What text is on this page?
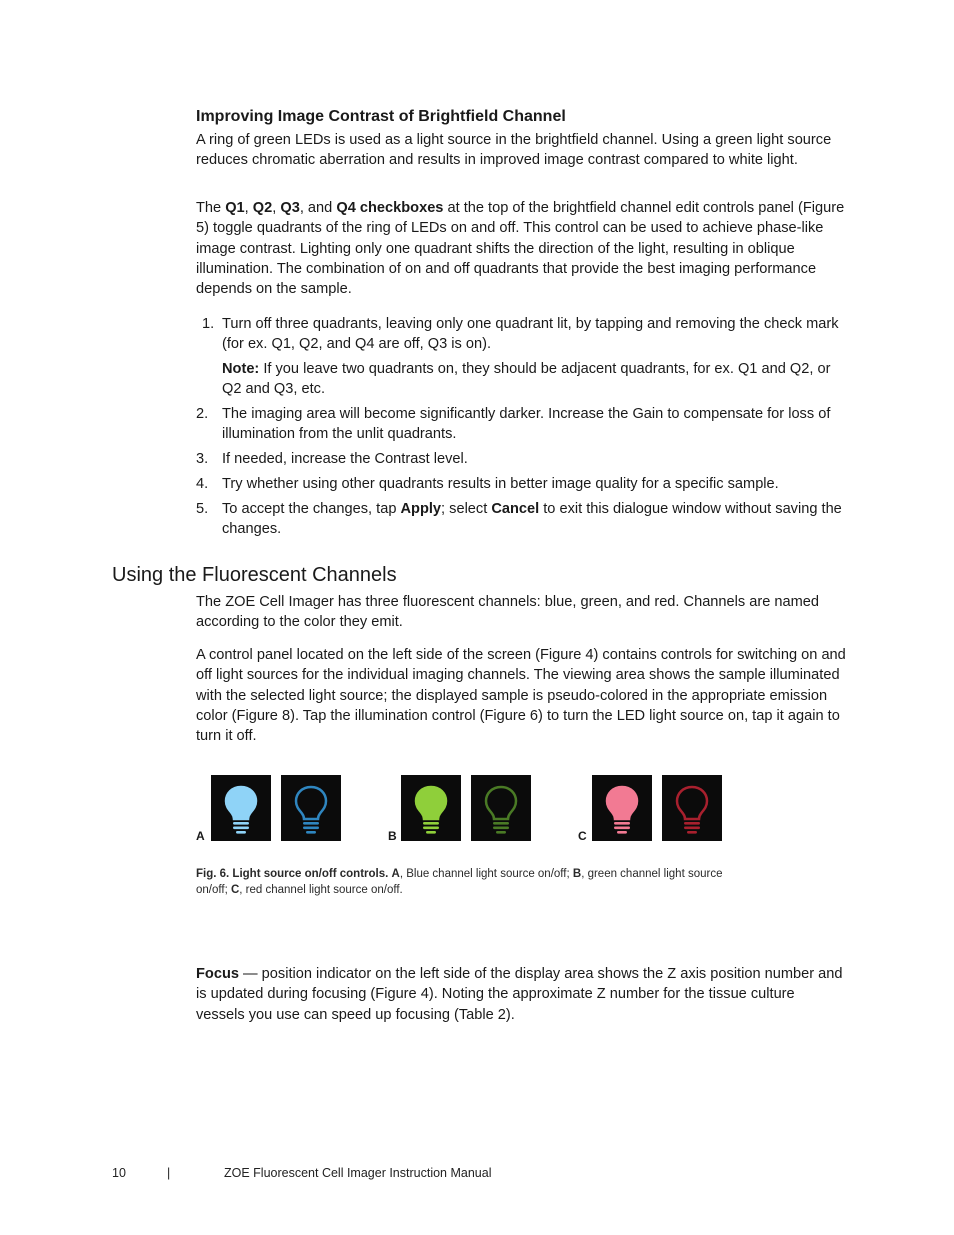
Improving Image Contrast of Brightfield Channel

A ring of green LEDs is used as a light source in the brightfield channel. Using a green light source reduces chromatic aberration and results in improved image contrast compared to white light.

The Q1, Q2, Q3, and Q4 checkboxes at the top of the brightfield channel edit controls panel (Figure 5) toggle quadrants of the ring of LEDs on and off. This control can be used to achieve phase-like image contrast. Lighting only one quadrant shifts the direction of the light, resulting in oblique illumination. The combination of on and off quadrants that provide the best imaging performance depends on the sample.

1. Turn off three quadrants, leaving only one quadrant lit, by tapping and removing the check mark (for ex. Q1, Q2, and Q4 are off, Q3 is on).
Note: If you leave two quadrants on, they should be adjacent quadrants, for ex. Q1 and Q2, or Q2 and Q3, etc.
2. The imaging area will become significantly darker. Increase the Gain to compensate for loss of illumination from the unlit quadrants.
3. If needed, increase the Contrast level.
4. Try whether using other quadrants results in better image quality for a specific sample.
5. To accept the changes, tap Apply; select Cancel to exit this dialogue window without saving the changes.
Using the Fluorescent Channels

The ZOE Cell Imager has three fluorescent channels: blue, green, and red. Channels are named according to the color they emit.

A control panel located on the left side of the screen (Figure 4) contains controls for switching on and off light sources for the individual imaging channels. The viewing area shows the sample illuminated with the selected light source; the displayed sample is pseudo-colored in the appropriate emission color (Figure 8). Tap the illumination control (Figure 6) to turn the LED light source on, tap it again to turn it off.

A	B	C
Fig. 6. Light source on/off controls. A, Blue channel light source on/off; B, green channel light source on/off; C, red channel light source on/off.

Focus — position indicator on the left side of the display area shows the Z axis position number and is updated during focusing (Figure 4). Noting the approximate Z number for the tissue culture vessels you use can speed up focusing (Table 2).

10	|	ZOE Fluorescent Cell Imager Instruction Manual
